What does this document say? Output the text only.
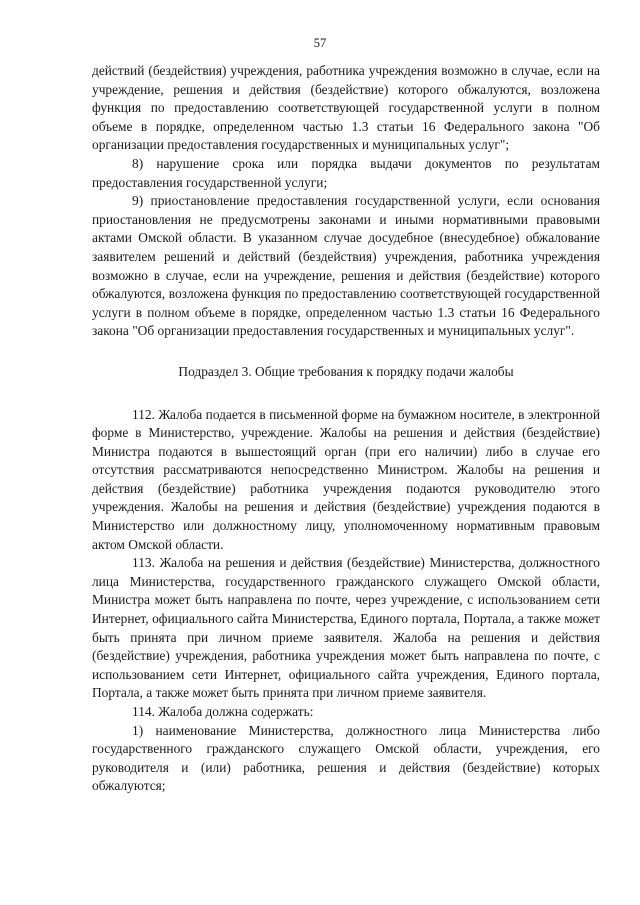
57

действий (бездействия) учреждения, работника учреждения возможно в случае, если на учреждение, решения и действия (бездействие) которого обжалуются, возложена функция по предоставлению соответствующей государственной услуги в полном объеме в порядке, определенном частью 1.3 статьи 16 Федерального закона "Об организации предоставления государственных и муниципальных услуг";

8) нарушение срока или порядка выдачи документов по результатам предоставления государственной услуги;

9) приостановление предоставления государственной услуги, если основания приостановления не предусмотрены законами и иными нормативными правовыми актами Омской области. В указанном случае досудебное (внесудебное) обжалование заявителем решений и действий (бездействия) учреждения, работника учреждения возможно в случае, если на учреждение, решения и действия (бездействие) которого обжалуются, возложена функция по предоставлению соответствующей государственной услуги в полном объеме в порядке, определенном частью 1.3 статьи 16 Федерального закона "Об организации предоставления государственных и муниципальных услуг".

Подраздел 3. Общие требования к порядку подачи жалобы

112. Жалоба подается в письменной форме на бумажном носителе, в электронной форме в Министерство, учреждение. Жалобы на решения и действия (бездействие) Министра подаются в вышестоящий орган (при его наличии) либо в случае его отсутствия рассматриваются непосредственно Министром. Жалобы на решения и действия (бездействие) работника учреждения подаются руководителю этого учреждения. Жалобы на решения и действия (бездействие) учреждения подаются в Министерство или должностному лицу, уполномоченному нормативным правовым актом Омской области.

113. Жалоба на решения и действия (бездействие) Министерства, должностного лица Министерства, государственного гражданского служащего Омской области, Министра может быть направлена по почте, через учреждение, с использованием сети Интернет, официального сайта Министерства, Единого портала, Портала, а также может быть принята при личном приеме заявителя. Жалоба на решения и действия (бездействие) учреждения, работника учреждения может быть направлена по почте, с использованием сети Интернет, официального сайта учреждения, Единого портала, Портала, а также может быть принята при личном приеме заявителя.

114. Жалоба должна содержать:

1) наименование Министерства, должностного лица Министерства либо государственного гражданского служащего Омской области, учреждения, его руководителя и (или) работника, решения и действия (бездействие) которых обжалуются;
